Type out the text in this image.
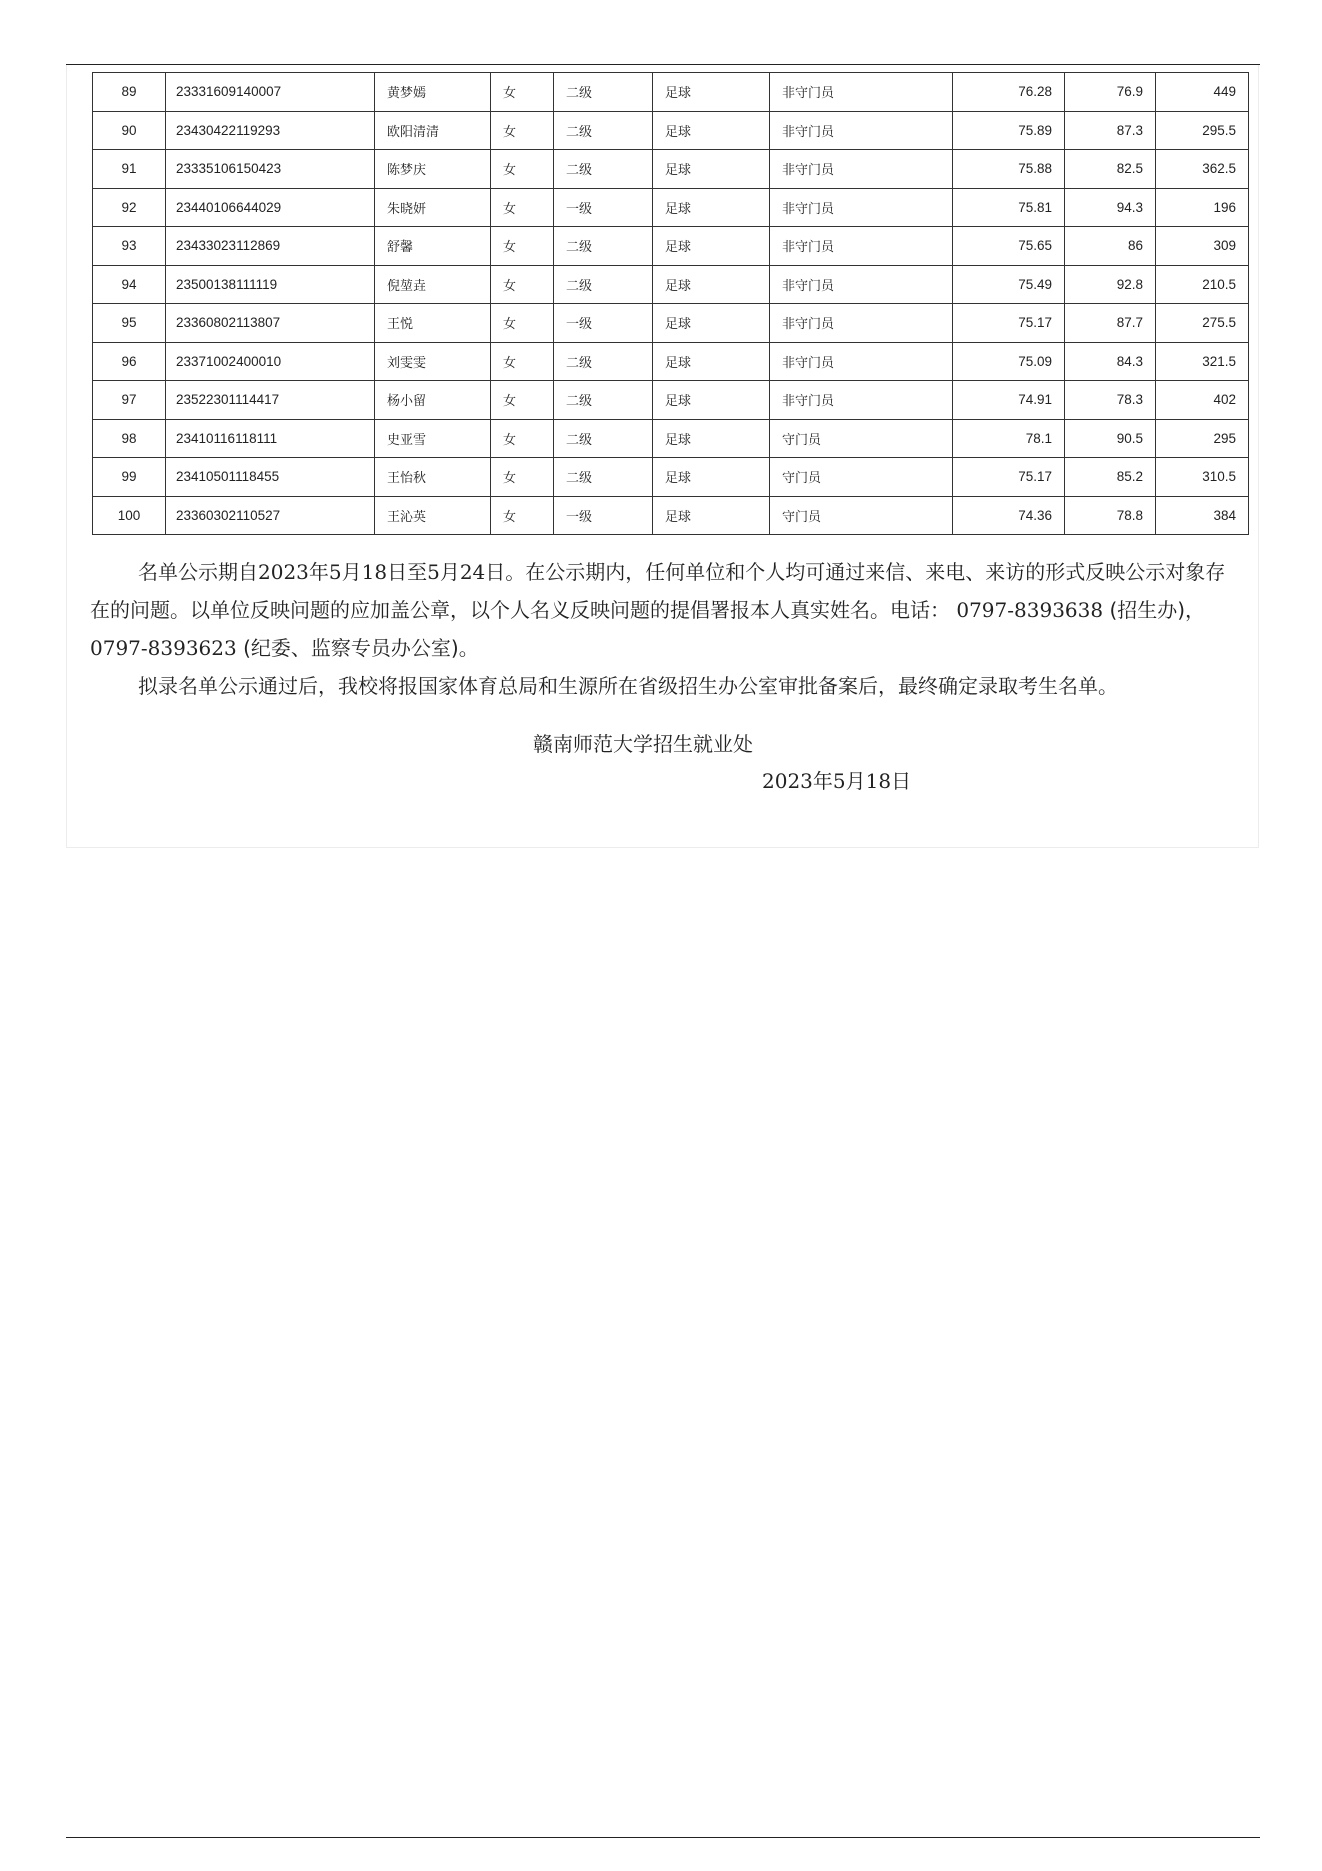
89	23331609140007	黄梦嫣	女	二级	足球	非守门员	76.28	76.9	449
90	23430422119293	欧阳清清	女	二级	足球	非守门员	75.89	87.3	295.5
91	23335106150423	陈梦庆	女	二级	足球	非守门员	75.88	82.5	362.5
92	23440106644029	朱晓妍	女	一级	足球	非守门员	75.81	94.3	196
93	23433023112869	舒馨	女	二级	足球	非守门员	75.65	86	309
94	23500138111119	倪堃垚	女	二级	足球	非守门员	75.49	92.8	210.5
95	23360802113807	王悦	女	一级	足球	非守门员	75.17	87.7	275.5
96	23371002400010	刘雯雯	女	二级	足球	非守门员	75.09	84.3	321.5
97	23522301114417	杨小留	女	二级	足球	非守门员	74.91	78.3	402
98	23410116118111	史亚雪	女	二级	足球	守门员	78.1	90.5	295
99	23410501118455	王怡秋	女	二级	足球	守门员	75.17	85.2	310.5
100	23360302110527	王沁英	女	一级	足球	守门员	74.36	78.8	384
名单公示期自2023年5月18日至5月24日。在公示期内，任何单位和个人均可通过来信、来电、来访的形式反映公示对象存在的问题。以单位反映问题的应加盖公章，以个人名义反映问题的提倡署报本人真实姓名。电话： 0797-8393638 (招生办)， 0797-8393623 (纪委、监察专员办公室)。
拟录名单公示通过后，我校将报国家体育总局和生源所在省级招生办公室审批备案后，最终确定录取考生名单。
赣南师范大学招生就业处
2023年5月18日
